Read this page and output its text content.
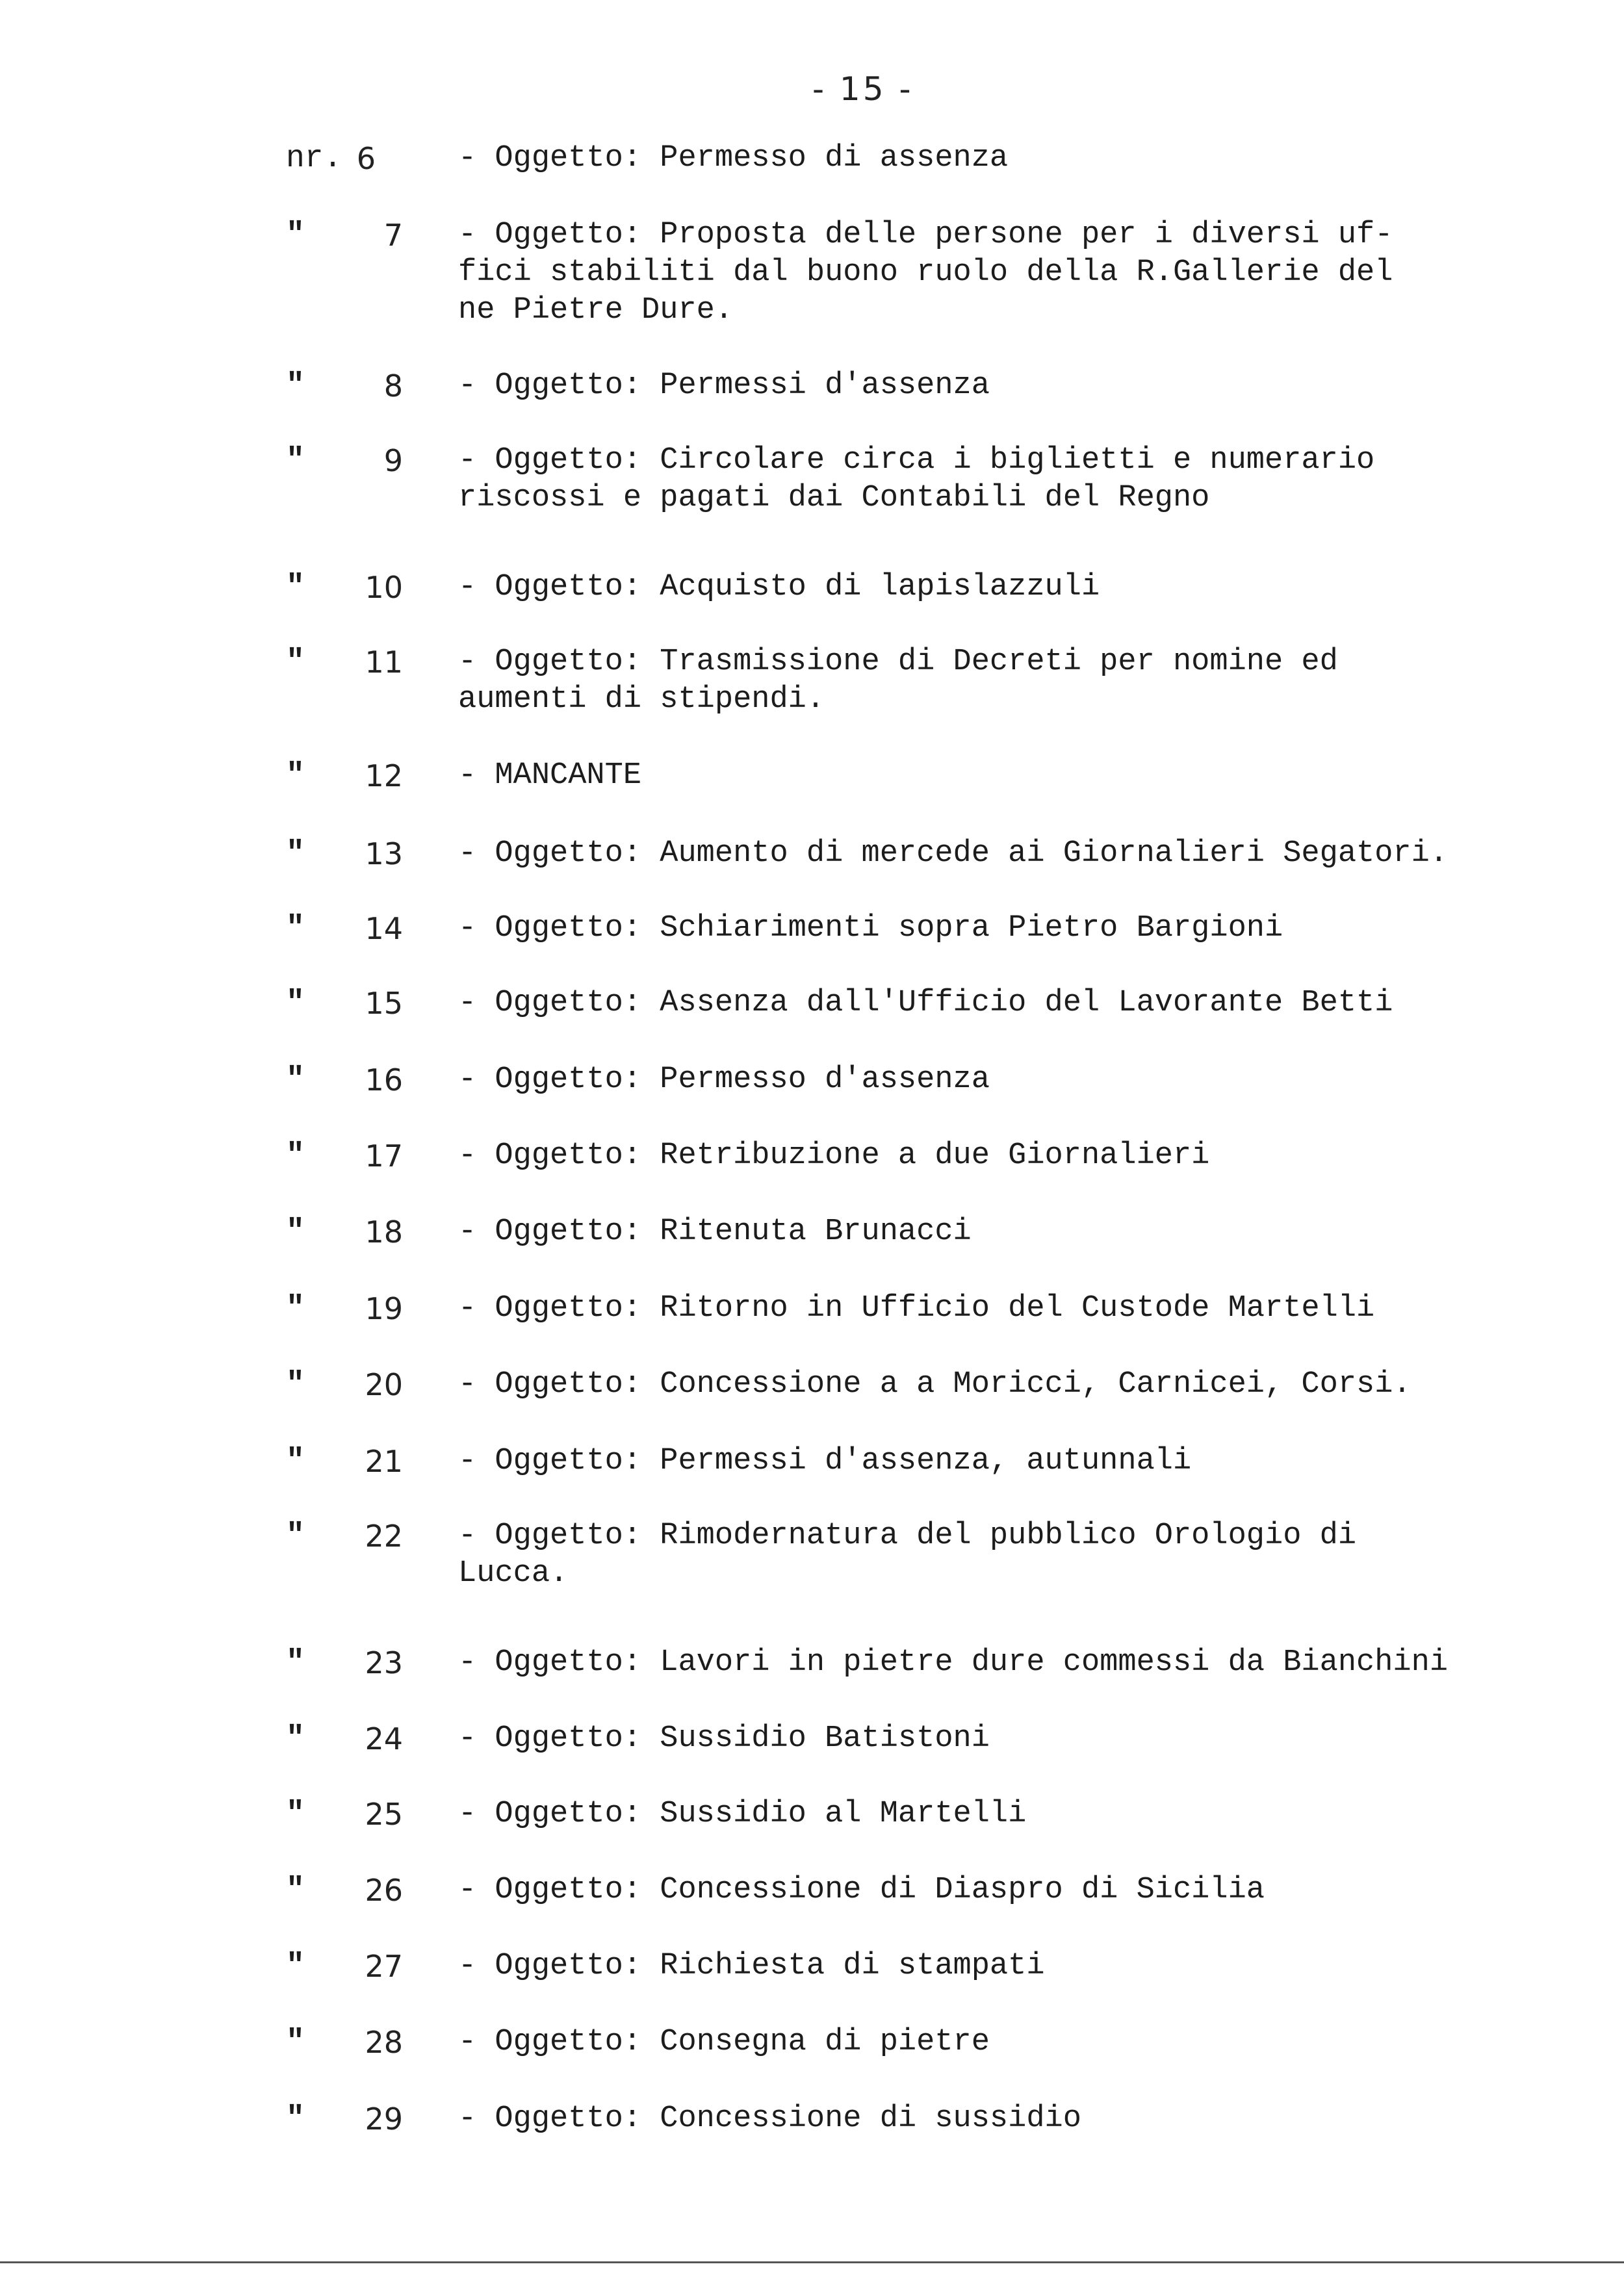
- 15 -
nr. 6	- Oggetto: Permesso di assenza
"	7 - Oggetto: Proposta delle persone per i diversi uf-
fici stabiliti dal buono ruolo della R.Gallerie del
ne Pietre Dure.
"	8 - Oggetto: Permessi d'assenza
"	9 - Oggetto: Circolare circa i biglietti e numerario
riscossi e pagati dai Contabili del Regno
"	10 - Oggetto: Acquisto di lapislazzuli
"	11 - Oggetto: Trasmissione di Decreti per nomine ed
aumenti di stipendi.
"	12 - MANCANTE
"	13 - Oggetto: Aumento di mercede ai Giornalieri Segatori.
"	14 - Oggetto: Schiarimenti sopra Pietro Bargioni
"	15 - Oggetto: Assenza dall'Ufficio del Lavorante Betti
"	16 - Oggetto: Permesso d'assenza
"	17 - Oggetto: Retribuzione a due Giornalieri
"	18 - Oggetto: Ritenuta Brunacci
"	19 - Oggetto: Ritorno in Ufficio del Custode Martelli
"	20 - Oggetto: Concessione a a Moricci, Carnicei, Corsi.
"	21 - Oggetto: Permessi d'assenza, autunnali
"	22 - Oggetto: Rimodernatura del pubblico Orologio di
Lucca.
"	23 - Oggetto: Lavori in pietre dure commessi da Bianchini
"	24 - Oggetto: Sussidio Batistoni
"	25 - Oggetto: Sussidio al Martelli
"	26 - Oggetto: Concessione di Diaspro di Sicilia
"	27 - Oggetto: Richiesta di stampati
"	28 - Oggetto: Consegna di pietre
"	29 - Oggetto: Concessione di sussidio
